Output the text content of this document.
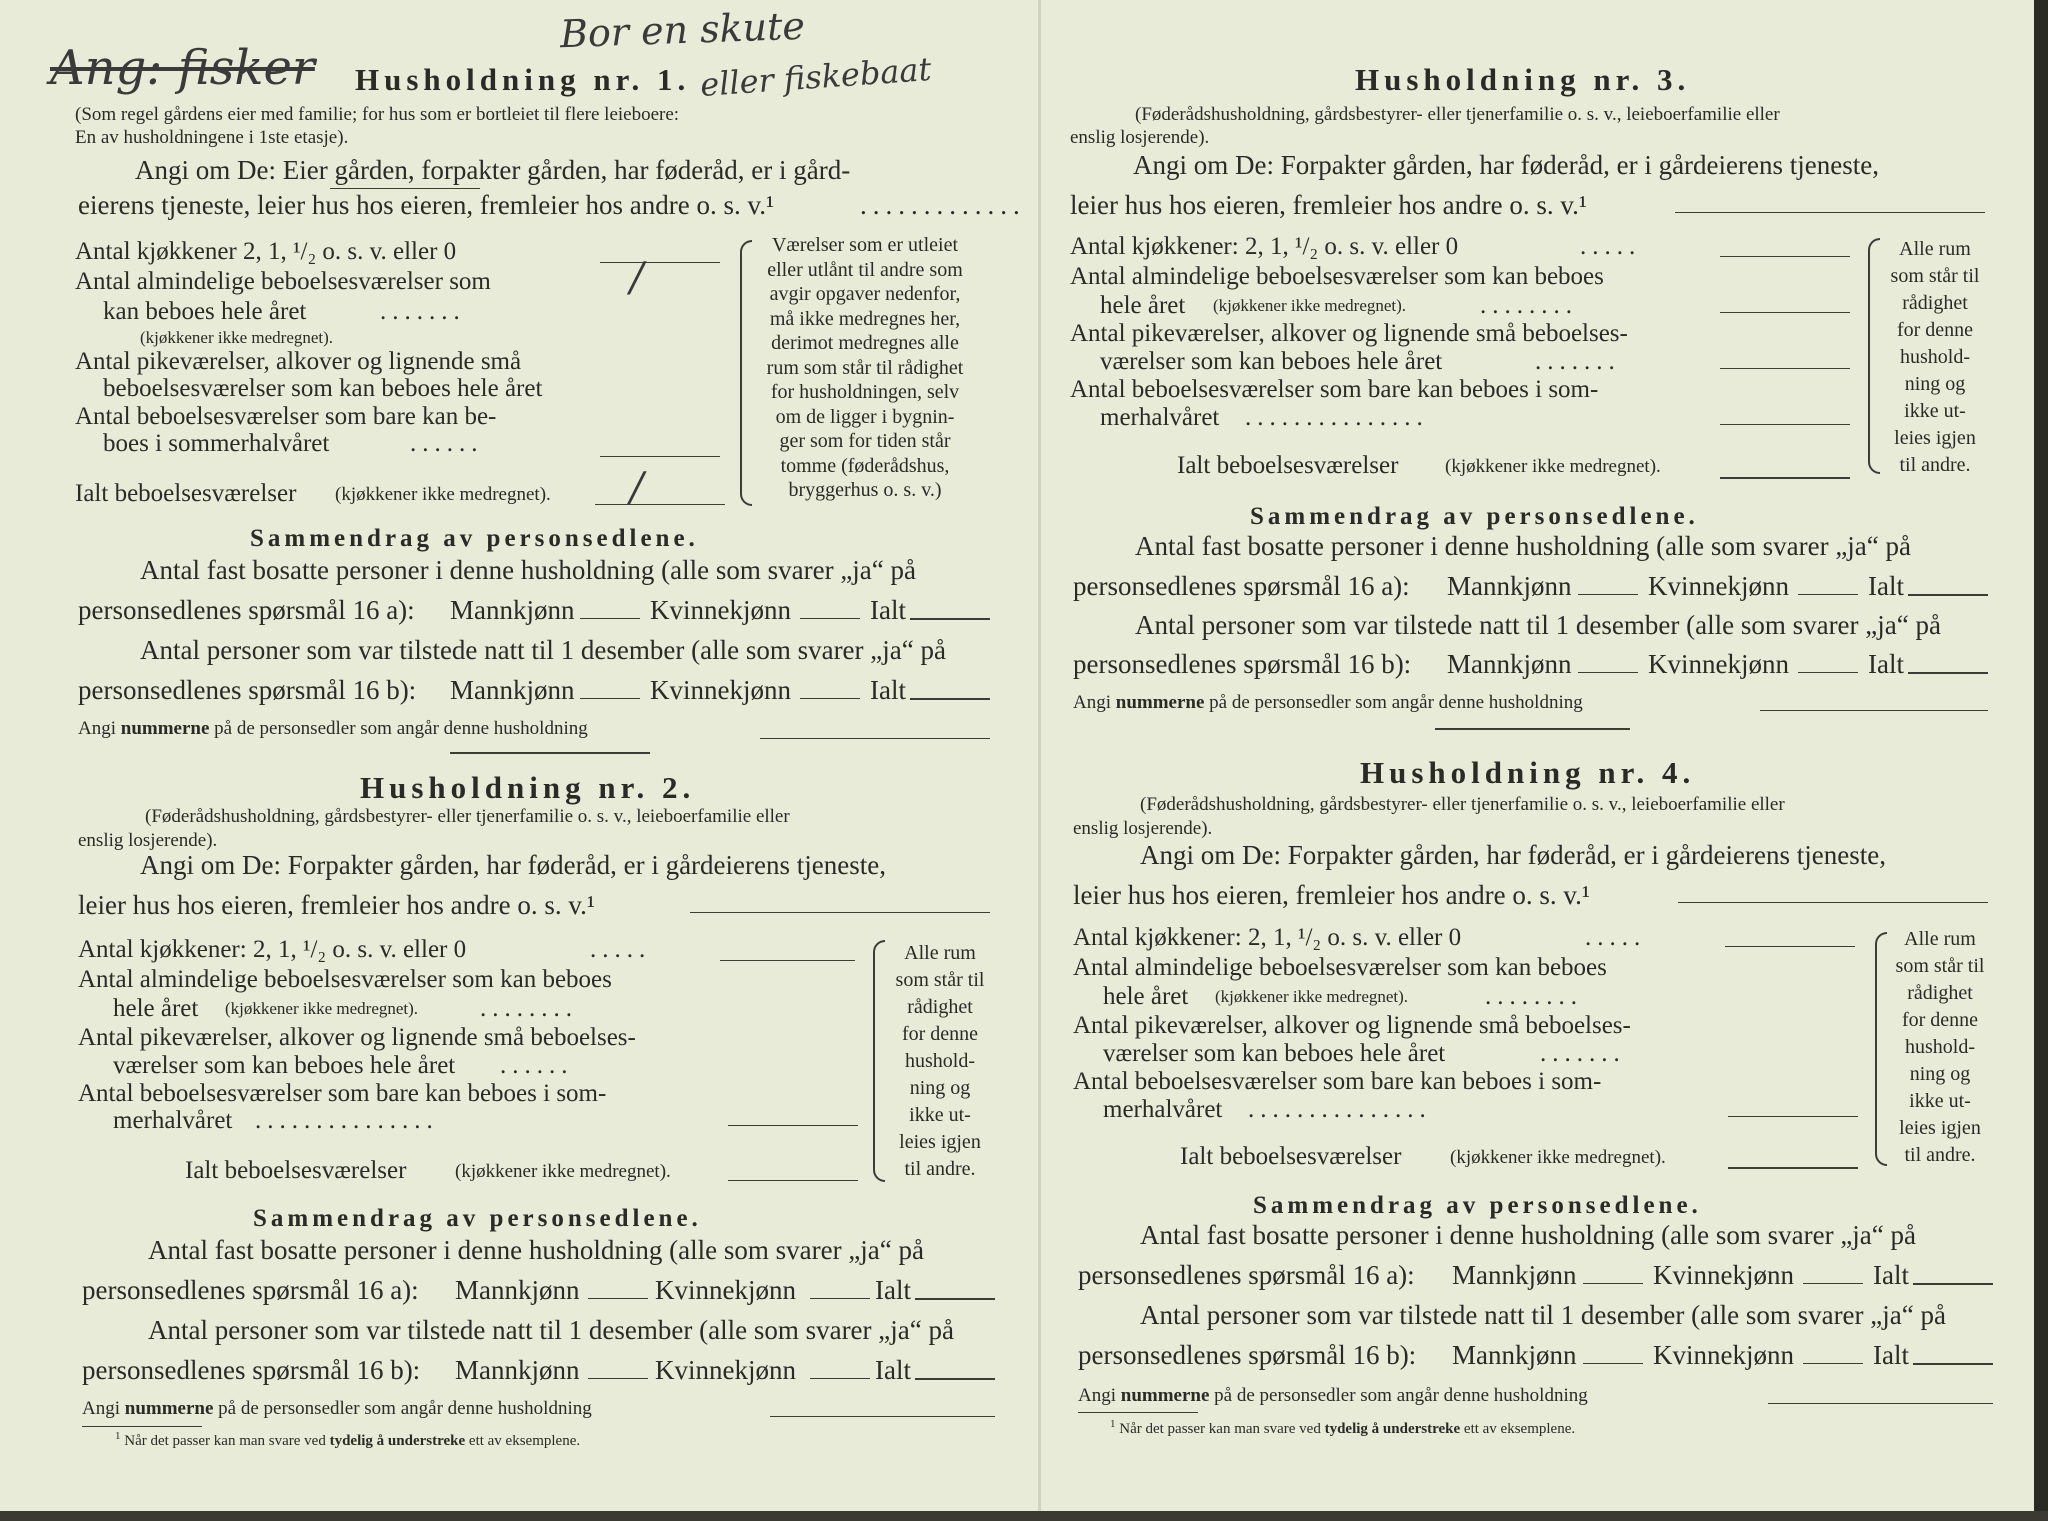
Bor en skute
Ang: fisker Husholdning nr. 1. eller fiskebaat
(Som regel gårdens eier med familie; for hus som er bortleiet til flere leieboere:
En av husholdningene i 1ste etasje).
Angi om De: Eier gården, forpakter gården, har føderåd, er i gård-
eierens tjeneste, leier hus hos eieren, fremleier hos andre o. s. v.¹	.............
Antal kjøkkener 2, 1, ¹/₂ o. s. v. eller 0
Antal almindelige beboelsesværelser som	/
kan beboes hele året	.......
(kjøkkener ikke medregnet).
Antal pikeværelser, alkover og lignende små
beboelsesværelser som kan beboes hele året
Antal beboelsesværelser som bare kan be-
boes i sommerhalvåret	......
Ialt beboelsesværelser (kjøkkener ikke medregnet). /
Værelser som er utleiet
eller utlånt til andre som
avgir opgaver nedenfor,
må ikke medregnes her,
derimot medregnes alle
rum som står til rådighet
for husholdningen, selv
om de ligger i bygnin-
ger som for tiden står
tomme (føderådshus,
bryggerhus o. s. v.)
Sammendrag av personsedlene.
Antal fast bosatte personer i denne husholdning (alle som svarer „ja“ på
personsedlenes spørsmål 16 a): Mannkjønn	Kvinnekjønn	Ialt
Antal personer som var tilstede natt til 1 desember (alle som svarer „ja“ på
personsedlenes spørsmål 16 b): Mannkjønn	Kvinnekjønn	Ialt
Angi nummerne på de personsedler som angår denne husholdning
Husholdning nr. 2.
(Føderådshusholdning, gårdsbestyrer- eller tjenerfamilie o. s. v., leieboerfamilie eller
enslig losjerende).
Angi om De: Forpakter gården, har føderåd, er i gårdeierens tjeneste,
leier hus hos eieren, fremleier hos andre o. s. v.¹
Antal kjøkkener: 2, 1, ¹/₂ o. s. v. eller 0	.....
Antal almindelige beboelsesværelser som kan beboes
hele året (kjøkkener ikke medregnet). ........
Antal pikeværelser, alkover og lignende små beboelses-
værelser som kan beboes hele året ......
Antal beboelsesværelser som bare kan beboes i som-
merhalvåret ...............
Ialt beboelsesværelser	(kjøkkener ikke medregnet).
Alle rum
som står til
rådighet
for denne
hushold-
ning og
ikke ut-
leies igjen
til andre.
Sammendrag av personsedlene.
Antal fast bosatte personer i denne husholdning (alle som svarer „ja“ på
personsedlenes spørsmål 16 a): Mannkjønn	Kvinnekjønn	Ialt
Antal personer som var tilstede natt til 1 desember (alle som svarer „ja“ på
personsedlenes spørsmål 16 b): Mannkjønn	Kvinnekjønn	Ialt
Angi nummerne på de personsedler som angår denne husholdning
$^1$ Når det passer kan man svare ved tydelig å understreke ett av eksemplene.
Husholdning nr. 3.
(Føderådshusholdning, gårdsbestyrer- eller tjenerfamilie o. s. v., leieboerfamilie eller
enslig losjerende).
Angi om De: Forpakter gården, har føderåd, er i gårdeierens tjeneste,
leier hus hos eieren, fremleier hos andre o. s. v.¹
Antal kjøkkener: 2, 1, ¹/₂ o. s. v. eller 0	.....
Antal almindelige beboelsesværelser som kan beboes
hele året (kjøkkener ikke medregnet).	........
Antal pikeværelser, alkover og lignende små beboelses-
værelser som kan beboes hele året	.......
Antal beboelsesværelser som bare kan beboes i som-
merhalvåret ...............
Ialt beboelsesværelser (kjøkkener ikke medregnet).
Alle rum
som står til
rådighet
for denne
hushold-
ning og
ikke ut-
leies igjen
til andre.
Sammendrag av personsedlene.
Antal fast bosatte personer i denne husholdning (alle som svarer „ja“ på
personsedlenes spørsmål 16 a): Mannkjønn	Kvinnekjønn	Ialt
Antal personer som var tilstede natt til 1 desember (alle som svarer „ja“ på
personsedlenes spørsmål 16 b): Mannkjønn	Kvinnekjønn	Ialt
Angi nummerne på de personsedler som angår denne husholdning
Husholdning nr. 4.
(Føderådshusholdning, gårdsbestyrer- eller tjenerfamilie o. s. v., leieboerfamilie eller
enslig losjerende).
Angi om De: Forpakter gården, har føderåd, er i gårdeierens tjeneste,
leier hus hos eieren, fremleier hos andre o. s. v.¹
Antal kjøkkener: 2, 1, ¹/₂ o. s. v. eller 0	.....
Antal almindelige beboelsesværelser som kan beboes
hele året (kjøkkener ikke medregnet).	........
Antal pikeværelser, alkover og lignende små beboelses-
værelser som kan beboes hele året	.......
Antal beboelsesværelser som bare kan beboes i som-
merhalvåret ...............
Ialt beboelsesværelser	(kjøkkener ikke medregnet).
Alle rum
som står til
rådighet
for denne
hushold-
ning og
ikke ut-
leies igjen
til andre.
Sammendrag av personsedlene.
Antal fast bosatte personer i denne husholdning (alle som svarer „ja“ på
personsedlenes spørsmål 16 a): Mannkjønn	Kvinnekjønn	Ialt
Antal personer som var tilstede natt til 1 desember (alle som svarer „ja“ på
personsedlenes spørsmål 16 b): Mannkjønn	Kvinnekjønn	Ialt
Angi nummerne på de personsedler som angår denne husholdning
$^1$ Når det passer kan man svare ved tydelig å understreke ett av eksemplene.
